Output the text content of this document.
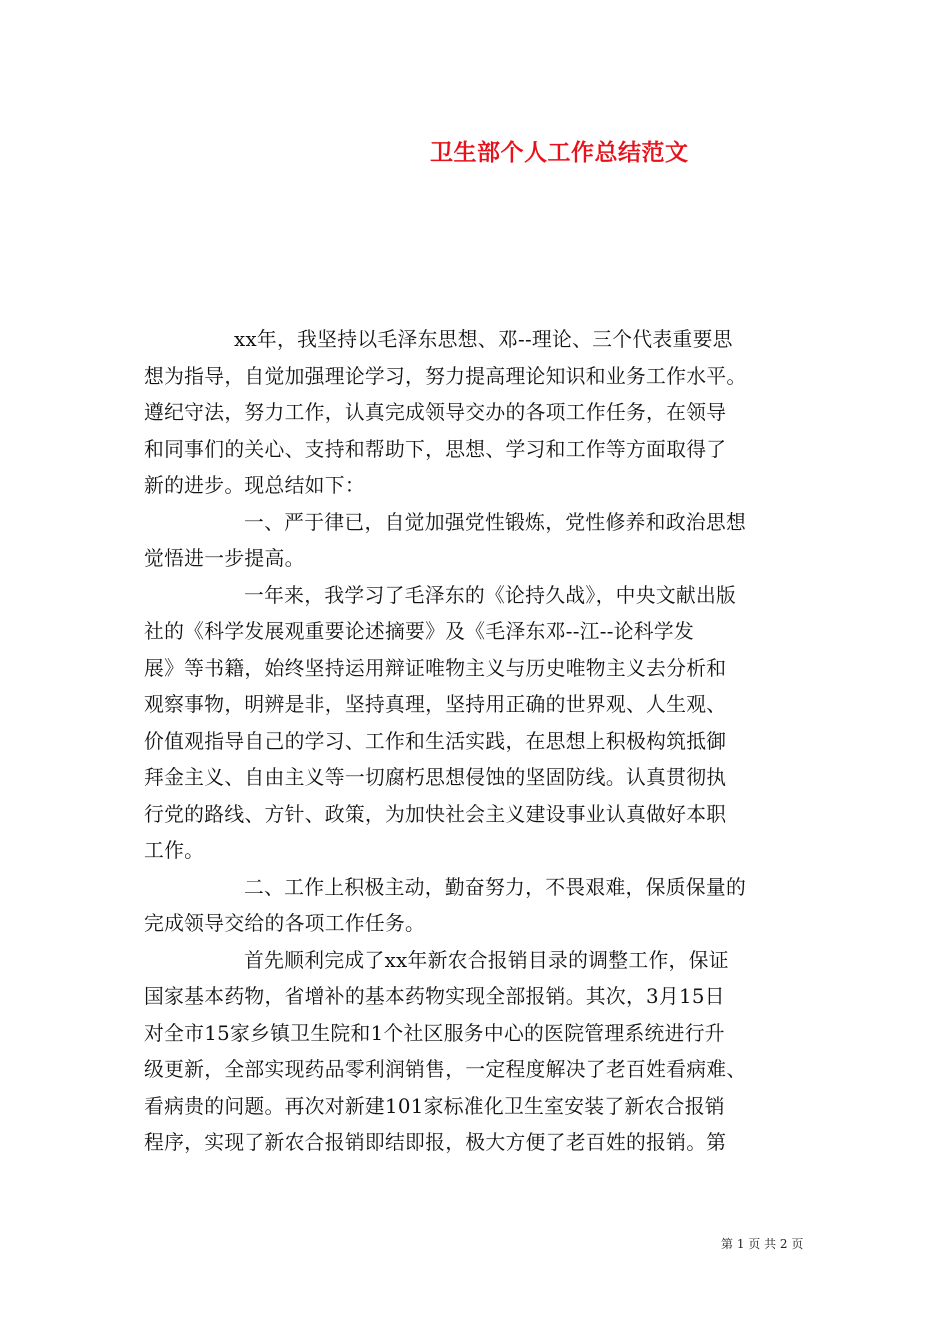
卫生部个人工作总结范文
xx年，我坚持以毛泽东思想、邓--理论、三个代表重要思
想为指导，自觉加强理论学习，努力提高理论知识和业务工作水平。
遵纪守法，努力工作，认真完成领导交办的各项工作任务，在领导
和同事们的关心、支持和帮助下，思想、学习和工作等方面取得了
新的进步。现总结如下：
一、严于律已，自觉加强党性锻炼，党性修养和政治思想
觉悟进一步提高。
一年来，我学习了毛泽东的《论持久战》，中央文献出版
社的《科学发展观重要论述摘要》及《毛泽东邓--江--论科学发
展》等书籍，始终坚持运用辩证唯物主义与历史唯物主义去分析和
观察事物，明辨是非，坚持真理，坚持用正确的世界观、人生观、
价值观指导自己的学习、工作和生活实践，在思想上积极构筑抵御
拜金主义、自由主义等一切腐朽思想侵蚀的坚固防线。认真贯彻执
行党的路线、方针、政策，为加快社会主义建设事业认真做好本职
工作。
二、工作上积极主动，勤奋努力，不畏艰难，保质保量的
完成领导交给的各项工作任务。
首先顺利完成了xx年新农合报销目录的调整工作，保证
国家基本药物，省增补的基本药物实现全部报销。其次，3月15日
对全市15家乡镇卫生院和1个社区服务中心的医院管理系统进行升
级更新，全部实现药品零利润销售，一定程度解决了老百姓看病难、
看病贵的问题。再次对新建101家标准化卫生室安装了新农合报销
程序，实现了新农合报销即结即报，极大方便了老百姓的报销。第
第 1 页 共 2 页
